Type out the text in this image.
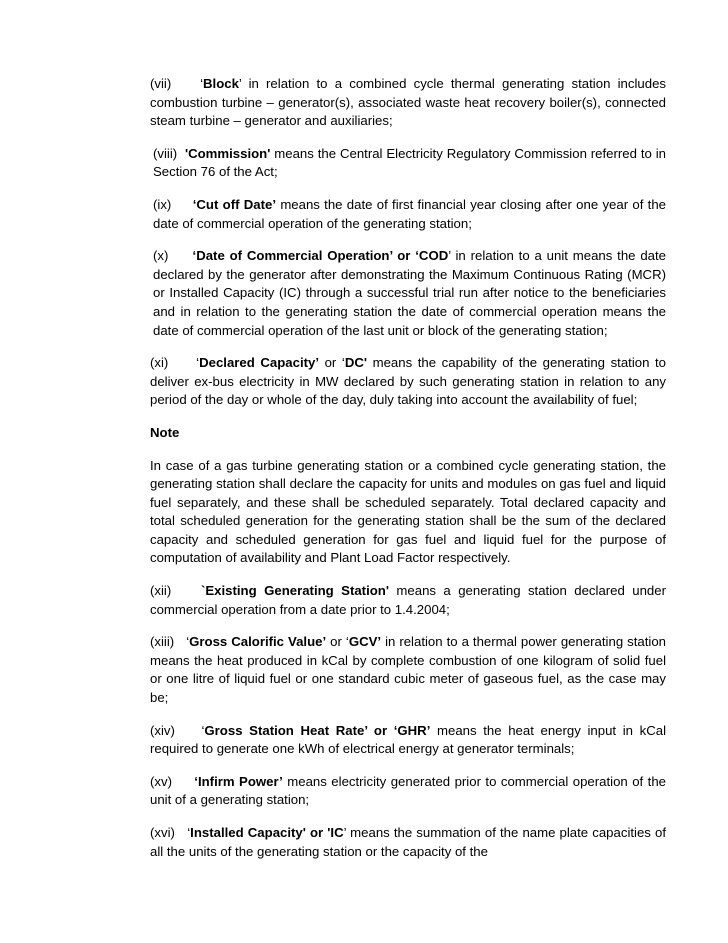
(vii) ‘Block’ in relation to a combined cycle thermal generating station includes combustion turbine – generator(s), associated waste heat recovery boiler(s), connected steam turbine – generator and auxiliaries;

(viii) 'Commission' means the Central Electricity Regulatory Commission referred to in Section 76 of the Act;

(ix) ‘Cut off Date’ means the date of first financial year closing after one year of the date of commercial operation of the generating station;

(x) ‘Date of Commercial Operation’ or ‘COD’ in relation to a unit means the date declared by the generator after demonstrating the Maximum Continuous Rating (MCR) or Installed Capacity (IC) through a successful trial run after notice to the beneficiaries and in relation to the generating station the date of commercial operation means the date of commercial operation of the last unit or block of the generating station;

(xi) ‘Declared Capacity’ or ‘DC' means the capability of the generating station to deliver ex-bus electricity in MW declared by such generating station in relation to any period of the day or whole of the day, duly taking into account the availability of fuel;

Note

In case of a gas turbine generating station or a combined cycle generating station, the generating station shall declare the capacity for units and modules on gas fuel and liquid fuel separately, and these shall be scheduled separately. Total declared capacity and total scheduled generation for the generating station shall be the sum of the declared capacity and scheduled generation for gas fuel and liquid fuel for the purpose of computation of availability and Plant Load Factor respectively.

(xii) `Existing Generating Station' means a generating station declared under commercial operation from a date prior to 1.4.2004;

(xiii) ‘Gross Calorific Value’ or ‘GCV’ in relation to a thermal power generating station means the heat produced in kCal by complete combustion of one kilogram of solid fuel or one litre of liquid fuel or one standard cubic meter of gaseous fuel, as the case may be;

(xiv) ‘Gross Station Heat Rate’ or ‘GHR’ means the heat energy input in kCal required to generate one kWh of electrical energy at generator terminals;

(xv) ‘Infirm Power’ means electricity generated prior to commercial operation of the unit of a generating station;

(xvi) ‘Installed Capacity' or 'IC’ means the summation of the name plate capacities of all the units of the generating station or the capacity of the
